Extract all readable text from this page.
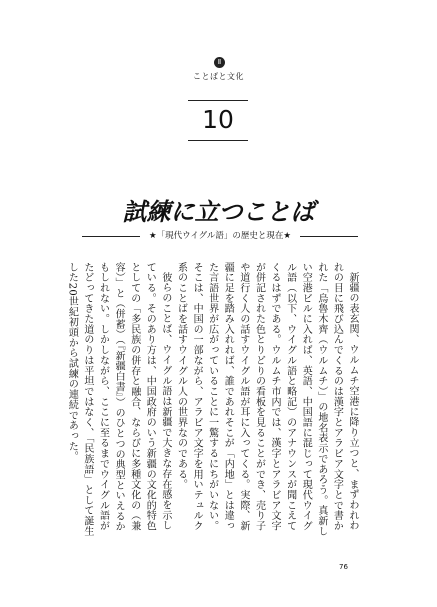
Ⅱ
ことばと文化
10
試練に立つことば
★「現代ウイグル語」の歴史と現在★

新疆の表玄関、ウルムチ空港に降り立つと、まずわれわれの目に飛び込んでくるのは漢字とアラビア文字とで書かれた「烏魯木齊（ウルムチ）」の地名表示であろう。真新しい空港ビルに入れば、英語、中国語に混じって現代ウイグル語（以下、ウイグル語と略記）のアナウンスが聞こえてくるはずである。ウルムチ市内では、漢字とアラビア文字が併記された色とりどりの看板を見ることができ、売り子や道行く人の話すウイグル語が耳に入ってくる。実際、新疆に足を踏み入れれば、誰であれそこが「内地」とは違った言語世界が広がっていることに一驚するにちがいない。そこは、中国の一部ながら、アラビア文字を用いテュルク系のことばを話すウイグル人の世界なのである。

彼らのことば、ウイグル語は新疆で大きな存在感を示している。そのあり方は、中国政府のいう新疆の文化的特色としての「多民族の併存と融合、ならびに多種文化の（兼容）」と（併蓄）（『新疆白書』）のひとつの典型といえるかもしれない。しかしながら、ここに至るまでウイグル語がたどってきた道のりは平坦ではなく、「民族語」として誕生した20世紀初頭から試練の連続であった。

76
